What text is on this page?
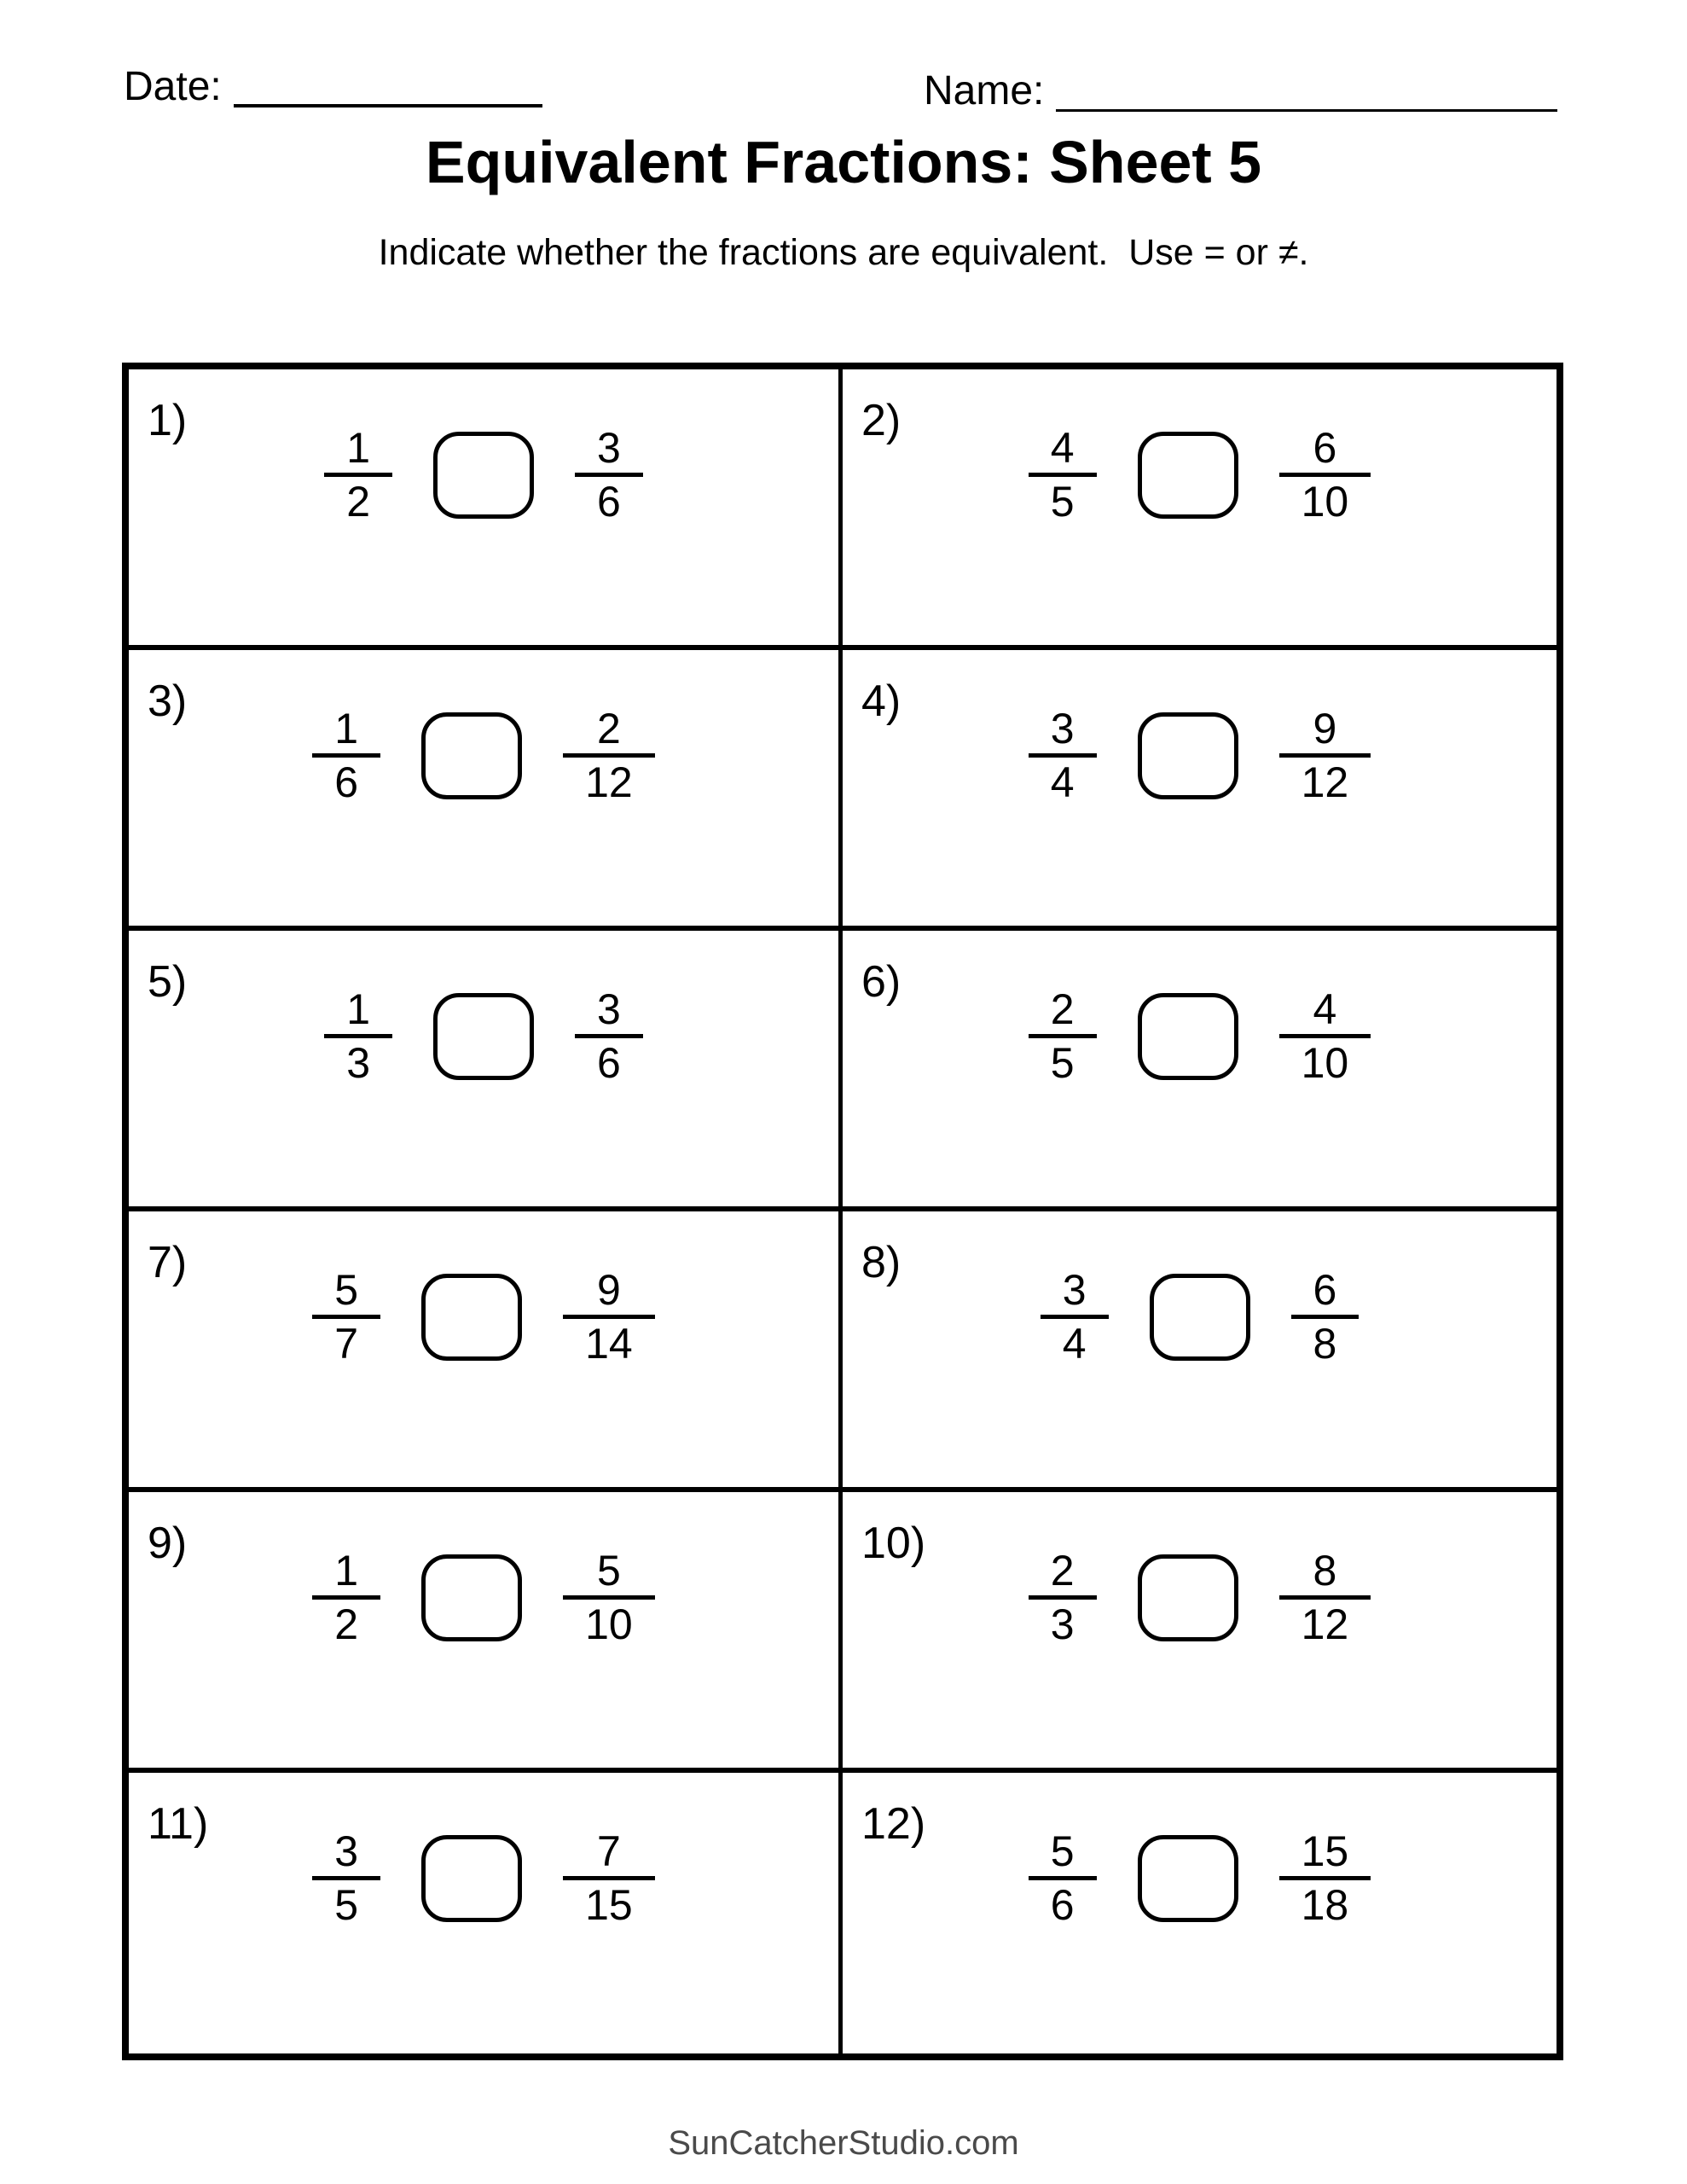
Date:	Name:
Equivalent Fractions: Sheet 5
Indicate whether the fractions are equivalent.  Use = or ≠.
1)
$\frac{1}{2}$	$\frac{3}{6}$
2)
$\frac{4}{5}$	$\frac{6}{10}$
3)
$\frac{1}{6}$	$\frac{2}{12}$
4)
$\frac{3}{4}$	$\frac{9}{12}$
5)
$\frac{1}{3}$	$\frac{3}{6}$
6)
$\frac{2}{5}$	$\frac{4}{10}$
7)
$\frac{5}{7}$	$\frac{9}{14}$
8)
$\frac{3}{4}$	$\frac{6}{8}$
9)
$\frac{1}{2}$	$\frac{5}{10}$
10)
$\frac{2}{3}$	$\frac{8}{12}$
11)
$\frac{3}{5}$	$\frac{7}{15}$
12)
$\frac{5}{6}$	$\frac{15}{18}$
SunCatcherStudio.com
